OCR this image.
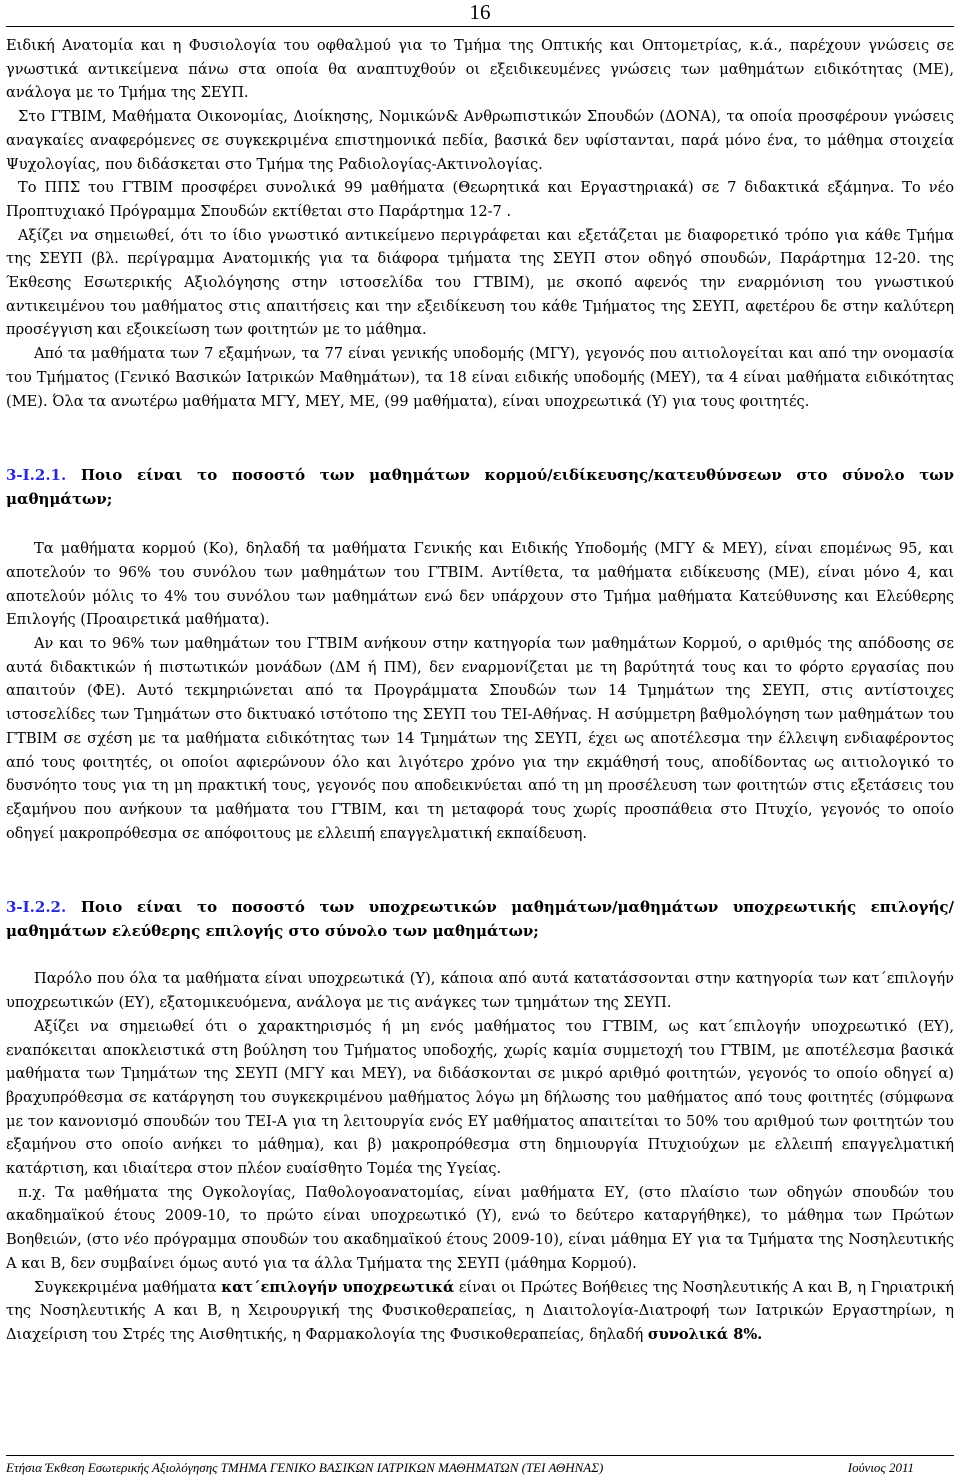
16

Ειδική Ανατομία και η Φυσιολογία του οφθαλμού για το Τμήμα της Οπτικής και Οπτομετρίας, κ.ά., παρέχουν γνώσεις σε γνωστικά αντικείμενα πάνω στα οποία θα αναπτυχθούν οι εξειδικευμένες γνώσεις των μαθημάτων ειδικότητας (ΜΕ), ανάλογα με το Τμήμα της ΣΕΥΠ.

Στο ΓΤΒΙΜ, Μαθήματα Οικονομίας, Διοίκησης, Νομικών& Ανθρωπιστικών Σπουδών (ΔΟΝΑ), τα οποία προσφέρουν γνώσεις αναγκαίες αναφερόμενες σε συγκεκριμένα επιστημονικά πεδία, βασικά δεν υφίστανται, παρά μόνο ένα, το μάθημα στοιχεία Ψυχολογίας, που διδάσκεται στο Τμήμα της Ραδιολογίας-Ακτινολογίας.

Το ΠΠΣ του ΓΤΒΙΜ προσφέρει συνολικά 99 μαθήματα (Θεωρητικά και Εργαστηριακά) σε 7 διδακτικά εξάμηνα. Το νέο Προπτυχιακό Πρόγραμμα Σπουδών εκτίθεται στο Παράρτημα 12-7 .

Αξίζει να σημειωθεί, ότι το ίδιο γνωστικό αντικείμενο περιγράφεται και εξετάζεται με διαφορετικό τρόπο για κάθε Τμήμα της ΣΕΥΠ (βλ. περίγραμμα Ανατομικής για τα διάφορα τμήματα της ΣΕΥΠ στον οδηγό σπουδών, Παράρτημα 12-20. της Έκθεσης Εσωτερικής Αξιολόγησης στην ιστοσελίδα του ΓΤΒΙΜ), με σκοπό αφενός την εναρμόνιση του γνωστικού αντικειμένου του μαθήματος στις απαιτήσεις και την εξειδίκευση του κάθε Τμήματος της ΣΕΥΠ, αφετέρου δε στην καλύτερη προσέγγιση και εξοικείωση των φοιτητών με το μάθημα.

Από τα μαθήματα των 7 εξαμήνων, τα 77 είναι γενικής υποδομής (ΜΓΥ), γεγονός που αιτιολογείται και από την ονομασία του Τμήματος (Γενικό Βασικών Ιατρικών Μαθημάτων), τα 18 είναι ειδικής υποδομής (ΜΕΥ), τα 4 είναι μαθήματα ειδικότητας (ΜΕ). Όλα τα ανωτέρω μαθήματα ΜΓΥ, ΜΕΥ, ΜΕ, (99 μαθήματα), είναι υποχρεωτικά (Υ) για τους φοιτητές.

3-Ι.2.1. Ποιο είναι το ποσοστό των μαθημάτων κορμού/ειδίκευσης/κατευθύνσεων στο σύνολο των μαθημάτων;

Τα μαθήματα κορμού (Κο), δηλαδή τα μαθήματα Γενικής και Ειδικής Υποδομής (ΜΓΥ & ΜΕΥ), είναι επομένως 95, και αποτελούν το 96% του συνόλου των μαθημάτων του ΓΤΒΙΜ. Αντίθετα, τα μαθήματα ειδίκευσης (ΜΕ), είναι μόνο 4, και αποτελούν μόλις το 4% του συνόλου των μαθημάτων ενώ δεν υπάρχουν στο Τμήμα μαθήματα Κατεύθυνσης και Ελεύθερης Επιλογής (Προαιρετικά μαθήματα).

Αν και το 96% των μαθημάτων του ΓΤΒΙΜ ανήκουν στην κατηγορία των μαθημάτων Κορμού, ο αριθμός της απόδοσης σε αυτά διδακτικών ή πιστωτικών μονάδων (ΔΜ ή ΠΜ), δεν εναρμονίζεται με τη βαρύτητά τους και το φόρτο εργασίας που απαιτούν (ΦΕ). Αυτό τεκμηριώνεται από τα Προγράμματα Σπουδών των 14 Τμημάτων της ΣΕΥΠ, στις αντίστοιχες ιστοσελίδες των Τμημάτων στο δικτυακό ιστότοπο της ΣΕΥΠ του ΤΕΙ-Αθήνας. Η ασύμμετρη βαθμολόγηση των μαθημάτων του ΓΤΒΙΜ σε σχέση με τα μαθήματα ειδικότητας των 14 Τμημάτων της ΣΕΥΠ, έχει ως αποτέλεσμα την έλλειψη ενδιαφέροντος από τους φοιτητές, οι οποίοι αφιερώνουν όλο και λιγότερο χρόνο για την εκμάθησή τους, αποδίδοντας ως αιτιολογικό το δυσνόητο τους για τη μη πρακτική τους, γεγονός που αποδεικνύεται από τη μη προσέλευση των φοιτητών στις εξετάσεις του εξαμήνου που ανήκουν τα μαθήματα του ΓΤΒΙΜ, και τη μεταφορά τους χωρίς προσπάθεια στο Πτυχίο, γεγονός το οποίο οδηγεί μακροπρόθεσμα σε απόφοιτους με ελλειπή επαγγελματική εκπαίδευση.

3-Ι.2.2. Ποιο είναι το ποσοστό των υποχρεωτικών μαθημάτων/μαθημάτων υποχρεωτικής επιλογής/ μαθημάτων ελεύθερης επιλογής στο σύνολο των μαθημάτων;

Παρόλο που όλα τα μαθήματα είναι υποχρεωτικά (Υ), κάποια από αυτά κατατάσσονται στην κατηγορία των κατ΄επιλογήν υποχρεωτικών (ΕΥ), εξατομικευόμενα, ανάλογα με τις ανάγκες των τμημάτων της ΣΕΥΠ.

Αξίζει να σημειωθεί ότι ο χαρακτηρισμός ή μη ενός μαθήματος του ΓΤΒΙΜ, ως κατ΄επιλογήν υποχρεωτικό (ΕΥ), εναπόκειται αποκλειστικά στη βούληση του Τμήματος υποδοχής, χωρίς καμία συμμετοχή του ΓΤΒΙΜ, με αποτέλεσμα βασικά μαθήματα των Τμημάτων της ΣΕΥΠ (ΜΓΥ και ΜΕΥ), να διδάσκονται σε μικρό αριθμό φοιτητών, γεγονός το οποίο οδηγεί α) βραχυπρόθεσμα σε κατάργηση του συγκεκριμένου μαθήματος λόγω μη δήλωσης του μαθήματος από τους φοιτητές (σύμφωνα με τον κανονισμό σπουδών του ΤΕΙ-Α για τη λειτουργία ενός ΕΥ μαθήματος απαιτείται το 50% του αριθμού των φοιτητών του εξαμήνου στο οποίο ανήκει το μάθημα), και β) μακροπρόθεσμα στη δημιουργία Πτυχιούχων με ελλειπή επαγγελματική κατάρτιση, και ιδιαίτερα στον πλέον ευαίσθητο Τομέα της Υγείας.

π.χ. Τα μαθήματα της Ογκολογίας, Παθολογοανατομίας, είναι μαθήματα ΕΥ, (στο πλαίσιο των οδηγών σπουδών του ακαδημαϊκού έτους 2009-10, το πρώτο είναι υποχρεωτικό (Υ), ενώ το δεύτερο καταργήθηκε), το μάθημα των Πρώτων Βοηθειών, (στο νέο πρόγραμμα σπουδών του ακαδημαϊκού έτους 2009-10), είναι μάθημα ΕΥ για τα Τμήματα της Νοσηλευτικής Α και Β, δεν συμβαίνει όμως αυτό για τα άλλα Τμήματα της ΣΕΥΠ (μάθημα Κορμού).

Συγκεκριμένα μαθήματα κατ΄επιλογήν υποχρεωτικά είναι οι Πρώτες Βοήθειες της Νοσηλευτικής Α και Β, η Γηριατρική της Νοσηλευτικής Α και Β, η Χειρουργική της Φυσικοθεραπείας, η Διαιτολογία-Διατροφή των Ιατρικών Εργαστηρίων, η Διαχείριση του Στρές της Αισθητικής, η Φαρμακολογία της Φυσικοθεραπείας, δηλαδή συνολικά 8%.

Ετήσια Έκθεση Εσωτερικής Αξιολόγησης ΤΜΗΜΑ ΓΕΝΙΚΟ ΒΑΣΙΚΩΝ ΙΑΤΡΙΚΩΝ ΜΑΘΗΜΑΤΩΝ (ΤΕΙ ΑΘΗΝΑΣ)	Ιούνιος 2011
